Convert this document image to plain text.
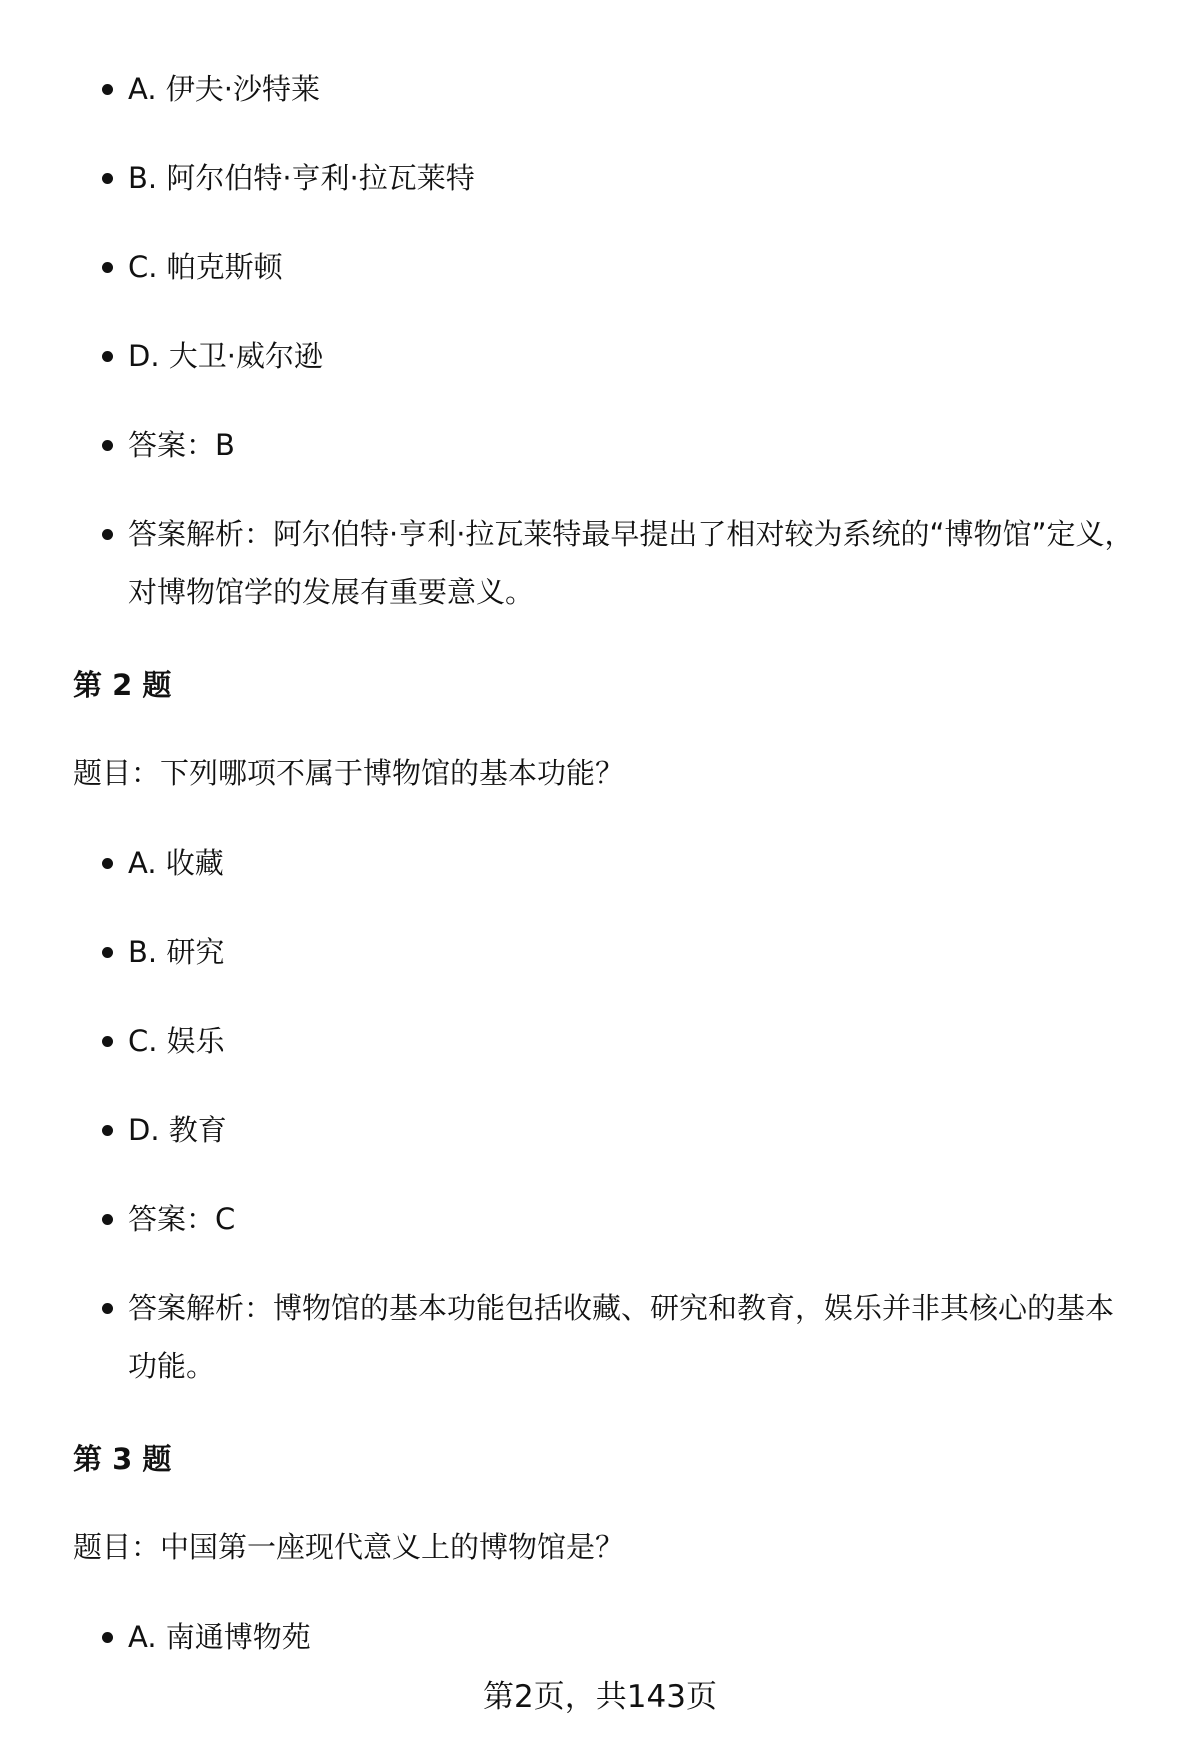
A. 伊夫·沙特莱
B. 阿尔伯特·亨利·拉瓦莱特
C. 帕克斯顿
D. 大卫·威尔逊
答案：B
答案解析：阿尔伯特·亨利·拉瓦莱特最早提出了相对较为系统的“博物馆”定义，对博物馆学的发展有重要意义。
第 2 题
题目：下列哪项不属于博物馆的基本功能？
A. 收藏
B. 研究
C. 娱乐
D. 教育
答案：C
答案解析：博物馆的基本功能包括收藏、研究和教育，娱乐并非其核心的基本功能。
第 3 题
题目：中国第一座现代意义上的博物馆是？
A. 南通博物苑
第2页，共143页
